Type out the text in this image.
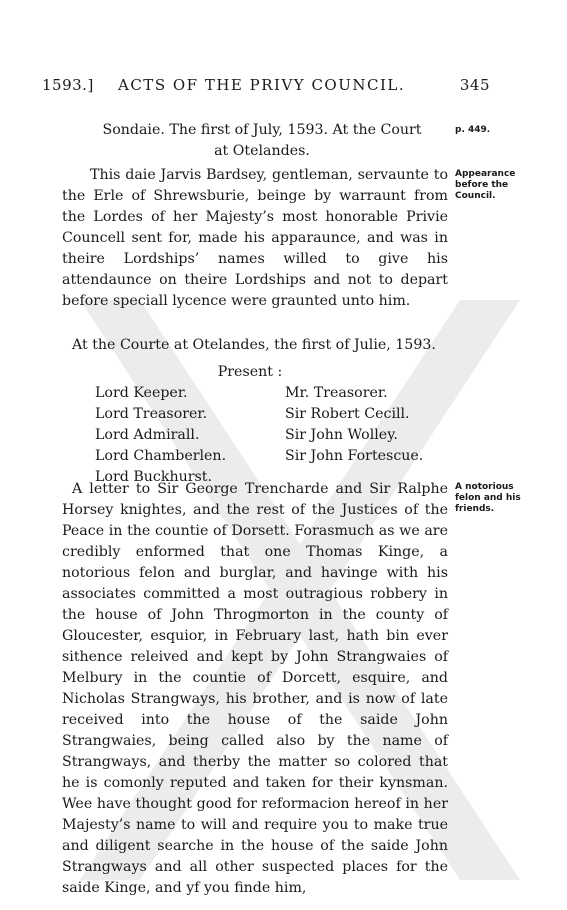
1593.] ACTS OF THE PRIVY COUNCIL.	345
Sondaie. The first of July, 1593. At the Court
at Otelandes.
p. 449.
This daie Jarvis Bardsey, gentleman, servaunte to the Erle of Shrewsburie, beinge by warraunt from the Lordes of her Majesty’s most honorable Privie Councell sent for, made his apparaunce, and was in theire Lordships’ names willed to give his attendaunce on theire Lordships and not to depart before speciall lycence were graunted unto him.
Appearance before the Council.
At the Courte at Otelandes, the first of Julie, 1593.
Present :
Lord Keeper.
Lord Treasorer.
Lord Admirall.
Lord Chamberlen.
Lord Buckhurst.
Mr. Treasorer.
Sir Robert Cecill.
Sir John Wolley.
Sir John Fortescue.
A letter to Sir George Trencharde and Sir Ralphe Horsey knightes, and the rest of the Justices of the Peace in the countie of Dorsett. Forasmuch as we are credibly enformed that one Thomas Kinge, a notorious felon and burglar, and havinge with his associates committed a most outragious robbery in the house of John Throgmorton in the county of Gloucester, esquior, in February last, hath bin ever sithence releived and kept by John Strangwaies of Melbury in the countie of Dorcett, esquire, and Nicholas Strangways, his brother, and is now of late received into the house of the saide John Strangwaies, being called also by the name of Strangways, and therby the matter so colored that he is comonly reputed and taken for their kynsman. Wee have thought good for reformacion hereof in her Majesty’s name to will and require you to make true and diligent searche in the house of the saide John Strangways and all other suspected places for the saide Kinge, and yf you finde him,
A notorious felon and his friends.
